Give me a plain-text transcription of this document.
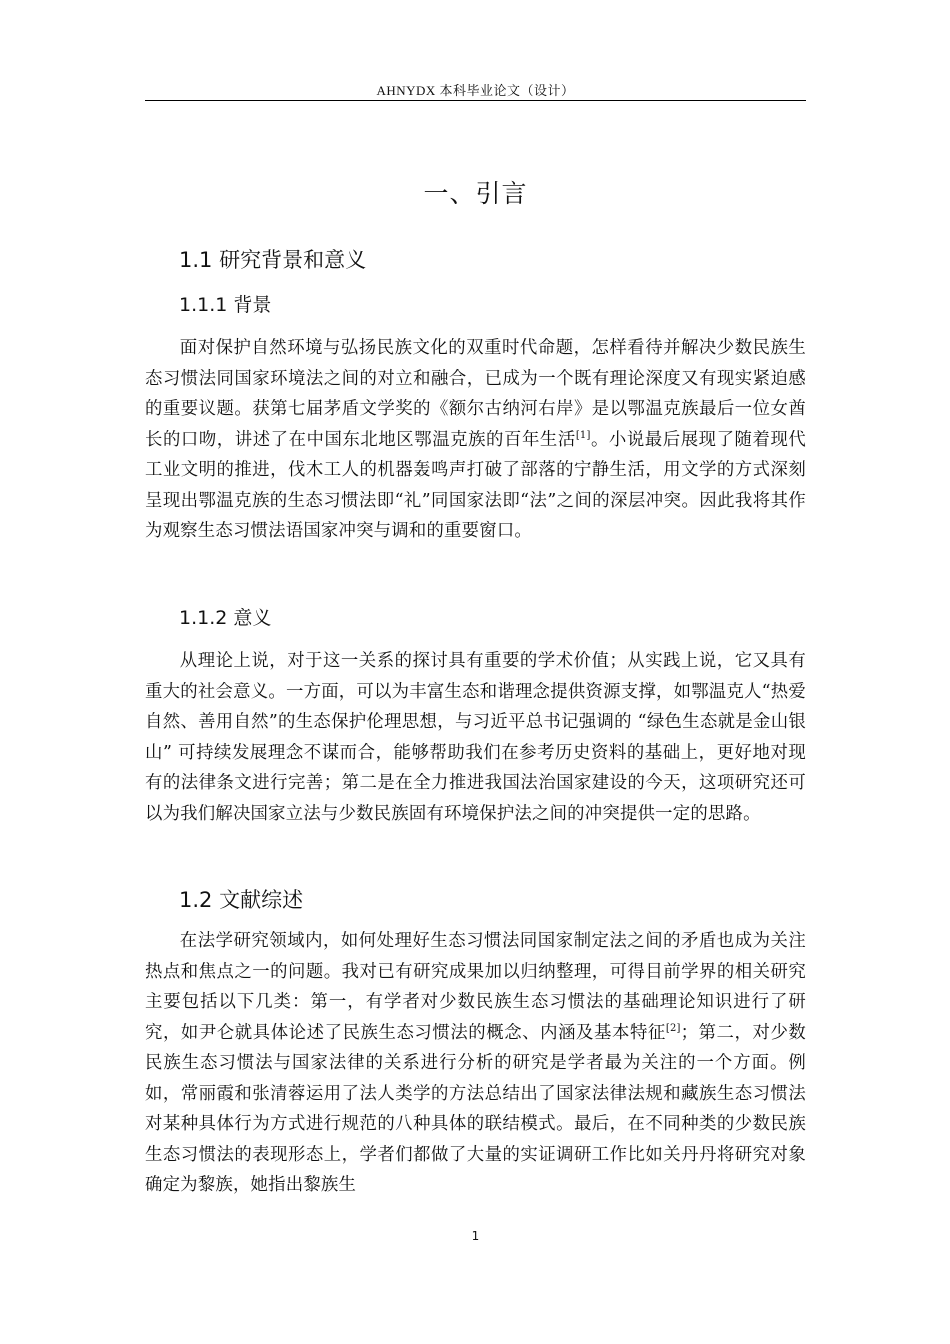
AHNYDX 本科毕业论文（设计）
一、引言
1.1 研究背景和意义
1.1.1 背景

面对保护自然环境与弘扬民族文化的双重时代命题，怎样看待并解决少数民族生态习惯法同国家环境法之间的对立和融合，已成为一个既有理论深度又有现实紧迫感的重要议题。获第七届茅盾文学奖的《额尔古纳河右岸》是以鄂温克族最后一位女酋长的口吻，讲述了在中国东北地区鄂温克族的百年生活[1]。小说最后展现了随着现代工业文明的推进，伐木工人的机器轰鸣声打破了部落的宁静生活，用文学的方式深刻呈现出鄂温克族的生态习惯法即“礼”同国家法即“法”之间的深层冲突。因此我将其作为观察生态习惯法语国家冲突与调和的重要窗口。

1.1.2 意义

从理论上说，对于这一关系的探讨具有重要的学术价值；从实践上说，它又具有重大的社会意义。一方面，可以为丰富生态和谐理念提供资源支撑，如鄂温克人“热爱自然、善用自然”的生态保护伦理思想，与习近平总书记强调的 “绿色生态就是金山银山” 可持续发展理念不谋而合，能够帮助我们在参考历史资料的基础上，更好地对现有的法律条文进行完善；第二是在全力推进我国法治国家建设的今天，这项研究还可以为我们解决国家立法与少数民族固有环境保护法之间的冲突提供一定的思路。

1.2 文献综述

在法学研究领域内，如何处理好生态习惯法同国家制定法之间的矛盾也成为关注热点和焦点之一的问题。我对已有研究成果加以归纳整理，可得目前学界的相关研究主要包括以下几类：第一，有学者对少数民族生态习惯法的基础理论知识进行了研究，如尹仑就具体论述了民族生态习惯法的概念、内涵及基本特征[2]；第二，对少数民族生态习惯法与国家法律的关系进行分析的研究是学者最为关注的一个方面。例如，常丽霞和张清蓉运用了法人类学的方法总结出了国家法律法规和藏族生态习惯法对某种具体行为方式进行规范的八种具体的联结模式。最后，在不同种类的少数民族生态习惯法的表现形态上，学者们都做了大量的实证调研工作比如关丹丹将研究对象确定为黎族，她指出黎族生

1
